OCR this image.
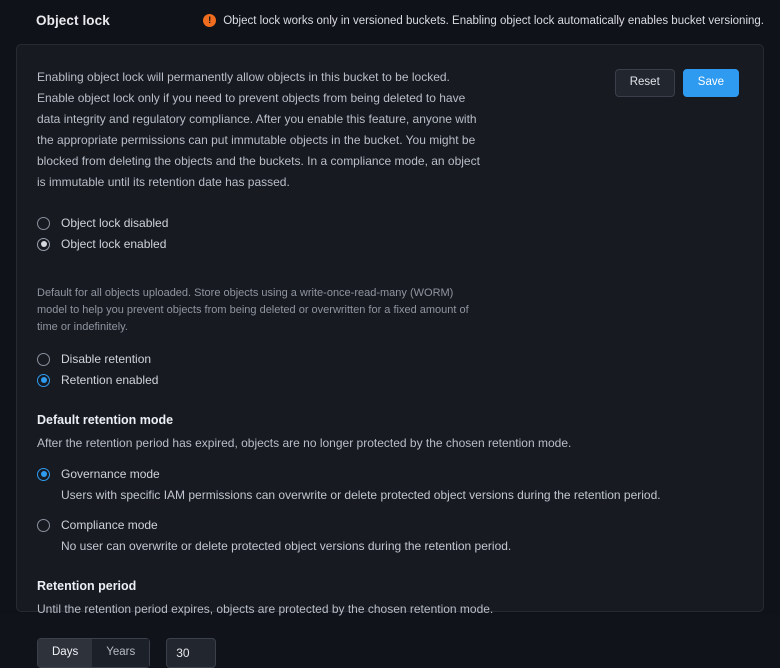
Object lock	!	Object lock works only in versioned buckets. Enabling object lock automatically enables bucket versioning.
Enabling object lock will permanently allow objects in this bucket to be locked. Enable object lock only if you need to prevent objects from being deleted to have data integrity and regulatory compliance. After you enable this feature, anyone with the appropriate permissions can put immutable objects in the bucket. You might be blocked from deleting the objects and the buckets. In a compliance mode, an object is immutable until its retention date has passed.
Reset	Save
Object lock disabled
Object lock enabled
Default for all objects uploaded. Store objects using a write-once-read-many (WORM) model to help you prevent objects from being deleted or overwritten for a fixed amount of time or indefinitely.
Disable retention
Retention enabled
Default retention mode
After the retention period has expired, objects are no longer protected by the chosen retention mode.
Governance mode
Users with specific IAM permissions can overwrite or delete protected object versions during the retention period.
Compliance mode
No user can overwrite or delete protected object versions during the retention period.
Retention period
Until the retention period expires, objects are protected by the chosen retention mode.
Days	Years
30
